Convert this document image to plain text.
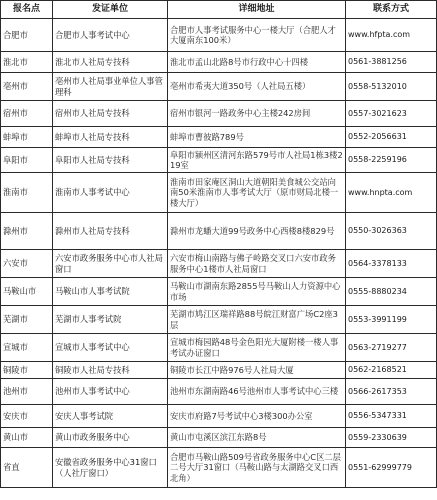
报名点	发证单位	详细地址	联系方式
合肥市	合肥市人事考试中心	合肥市人事考试服务中心一楼大厅（合肥人才大厦南东100米）	www.hfpta.com
淮北市	淮北市人社局专技科	淮北市孟山北路8号市行政中心十四楼	0561-3881256
亳州市	亳州市人社局事业单位人事管理科	亳州市希夷大道350号（人社局五楼）	0558-5132010
宿州市	宿州市人社局专技科	宿州市银河一路政务中心主楼242房间	0557-3021623
蚌埠市	蚌埠市人社局专技科	蚌埠市曹彼路789号	0552-2056631
阜阳市	阜阳市人社局专技科	阜阳市颍州区清河东路579号市人社局1栋3楼219室	0558-2259196
淮南市	淮南市人事考试中心	淮南市田家庵区洞山大道朝阳美食城公交站向南50米淮南市人事考试大厅（原市财局北楼一楼大厅）	www.hnpta.com
滁州市	滁州市人社局专技科	滁州市龙蟠大道99号政务中心西楼8楼829号	0550-3026363
六安市	六安市政务服务中心市人社局窗口	六安市梅山南路与佛子岭路交叉口六安市政务服务中心1楼市人社局窗口	0564-3378133
马鞍山市	马鞍山市人事考试院	马鞍山市湖南东路2855号马鞍山人力资源中心市场	0555-8880234
芜湖市	芜湖市人事考试院	芜湖市鸠江区瑞祥路88号皖江财富广场C2座3层	0553-3991199
宣城市	宣城市人事考试中心	宣城市梅园路48号金色阳光大厦附楼一楼人事考试办证窗口	0563-2719277
铜陵市	铜陵市人社局专技科	铜陵市长江中路976号人社局大厦	0562-2168521
池州市	池州市人事考试中心	池州市东湖南路46号池州市人事考试中心三楼	0566-2617353
安庆市	安庆人事考试院	安庆市府路7号考试中心3楼300办公室	0556-5347331
黄山市	黄山市政务服务中心	黄山市屯溪区滨江东路8号	0559-2330639
省直	安徽省政务服务中心31窗口（人社厅窗口）	合肥市马鞍山路509号省政务服务中心C区二层二号大厅31窗口（马鞍山路与太湖路交叉口西北角）	0551-62999779
